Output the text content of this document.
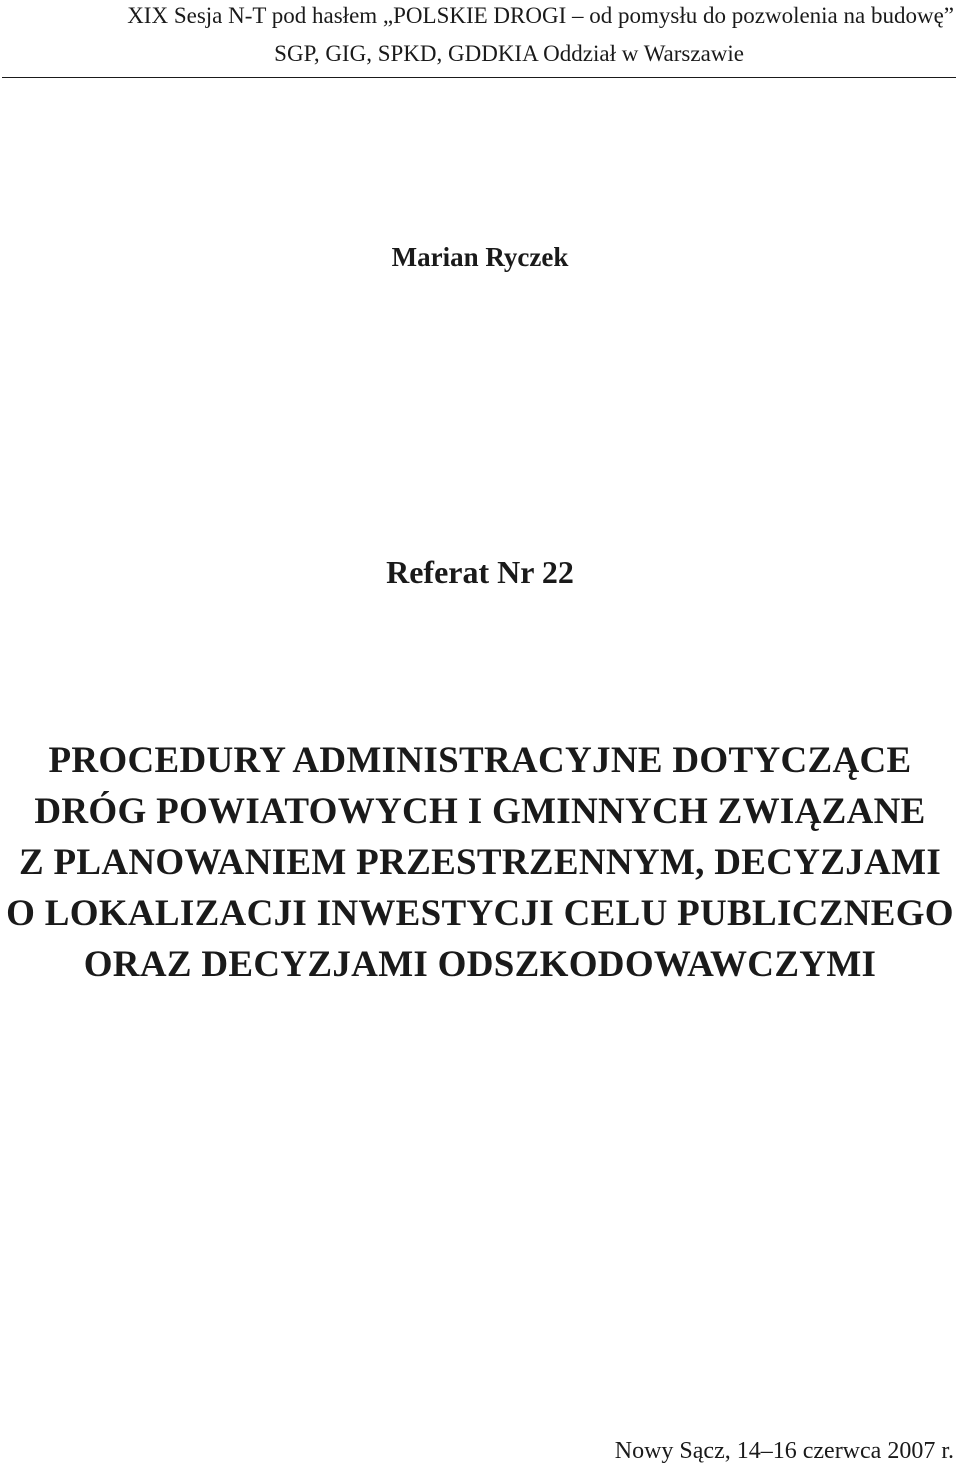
XIX Sesja N-T pod hasłem „POLSKIE DROGI – od pomysłu do pozwolenia na budowę”
SGP, GIG, SPKD, GDDKIA Oddział w Warszawie
Marian Ryczek
Referat Nr 22
PROCEDURY ADMINISTRACYJNE DOTYCZĄCE
DRÓG POWIATOWYCH I GMINNYCH ZWIĄZANE
Z PLANOWANIEM PRZESTRZENNYM, DECYZJAMI
O LOKALIZACJI INWESTYCJI CELU PUBLICZNEGO
ORAZ DECYZJAMI ODSZKODOWAWCZYMI
Nowy Sącz, 14–16 czerwca 2007 r.
